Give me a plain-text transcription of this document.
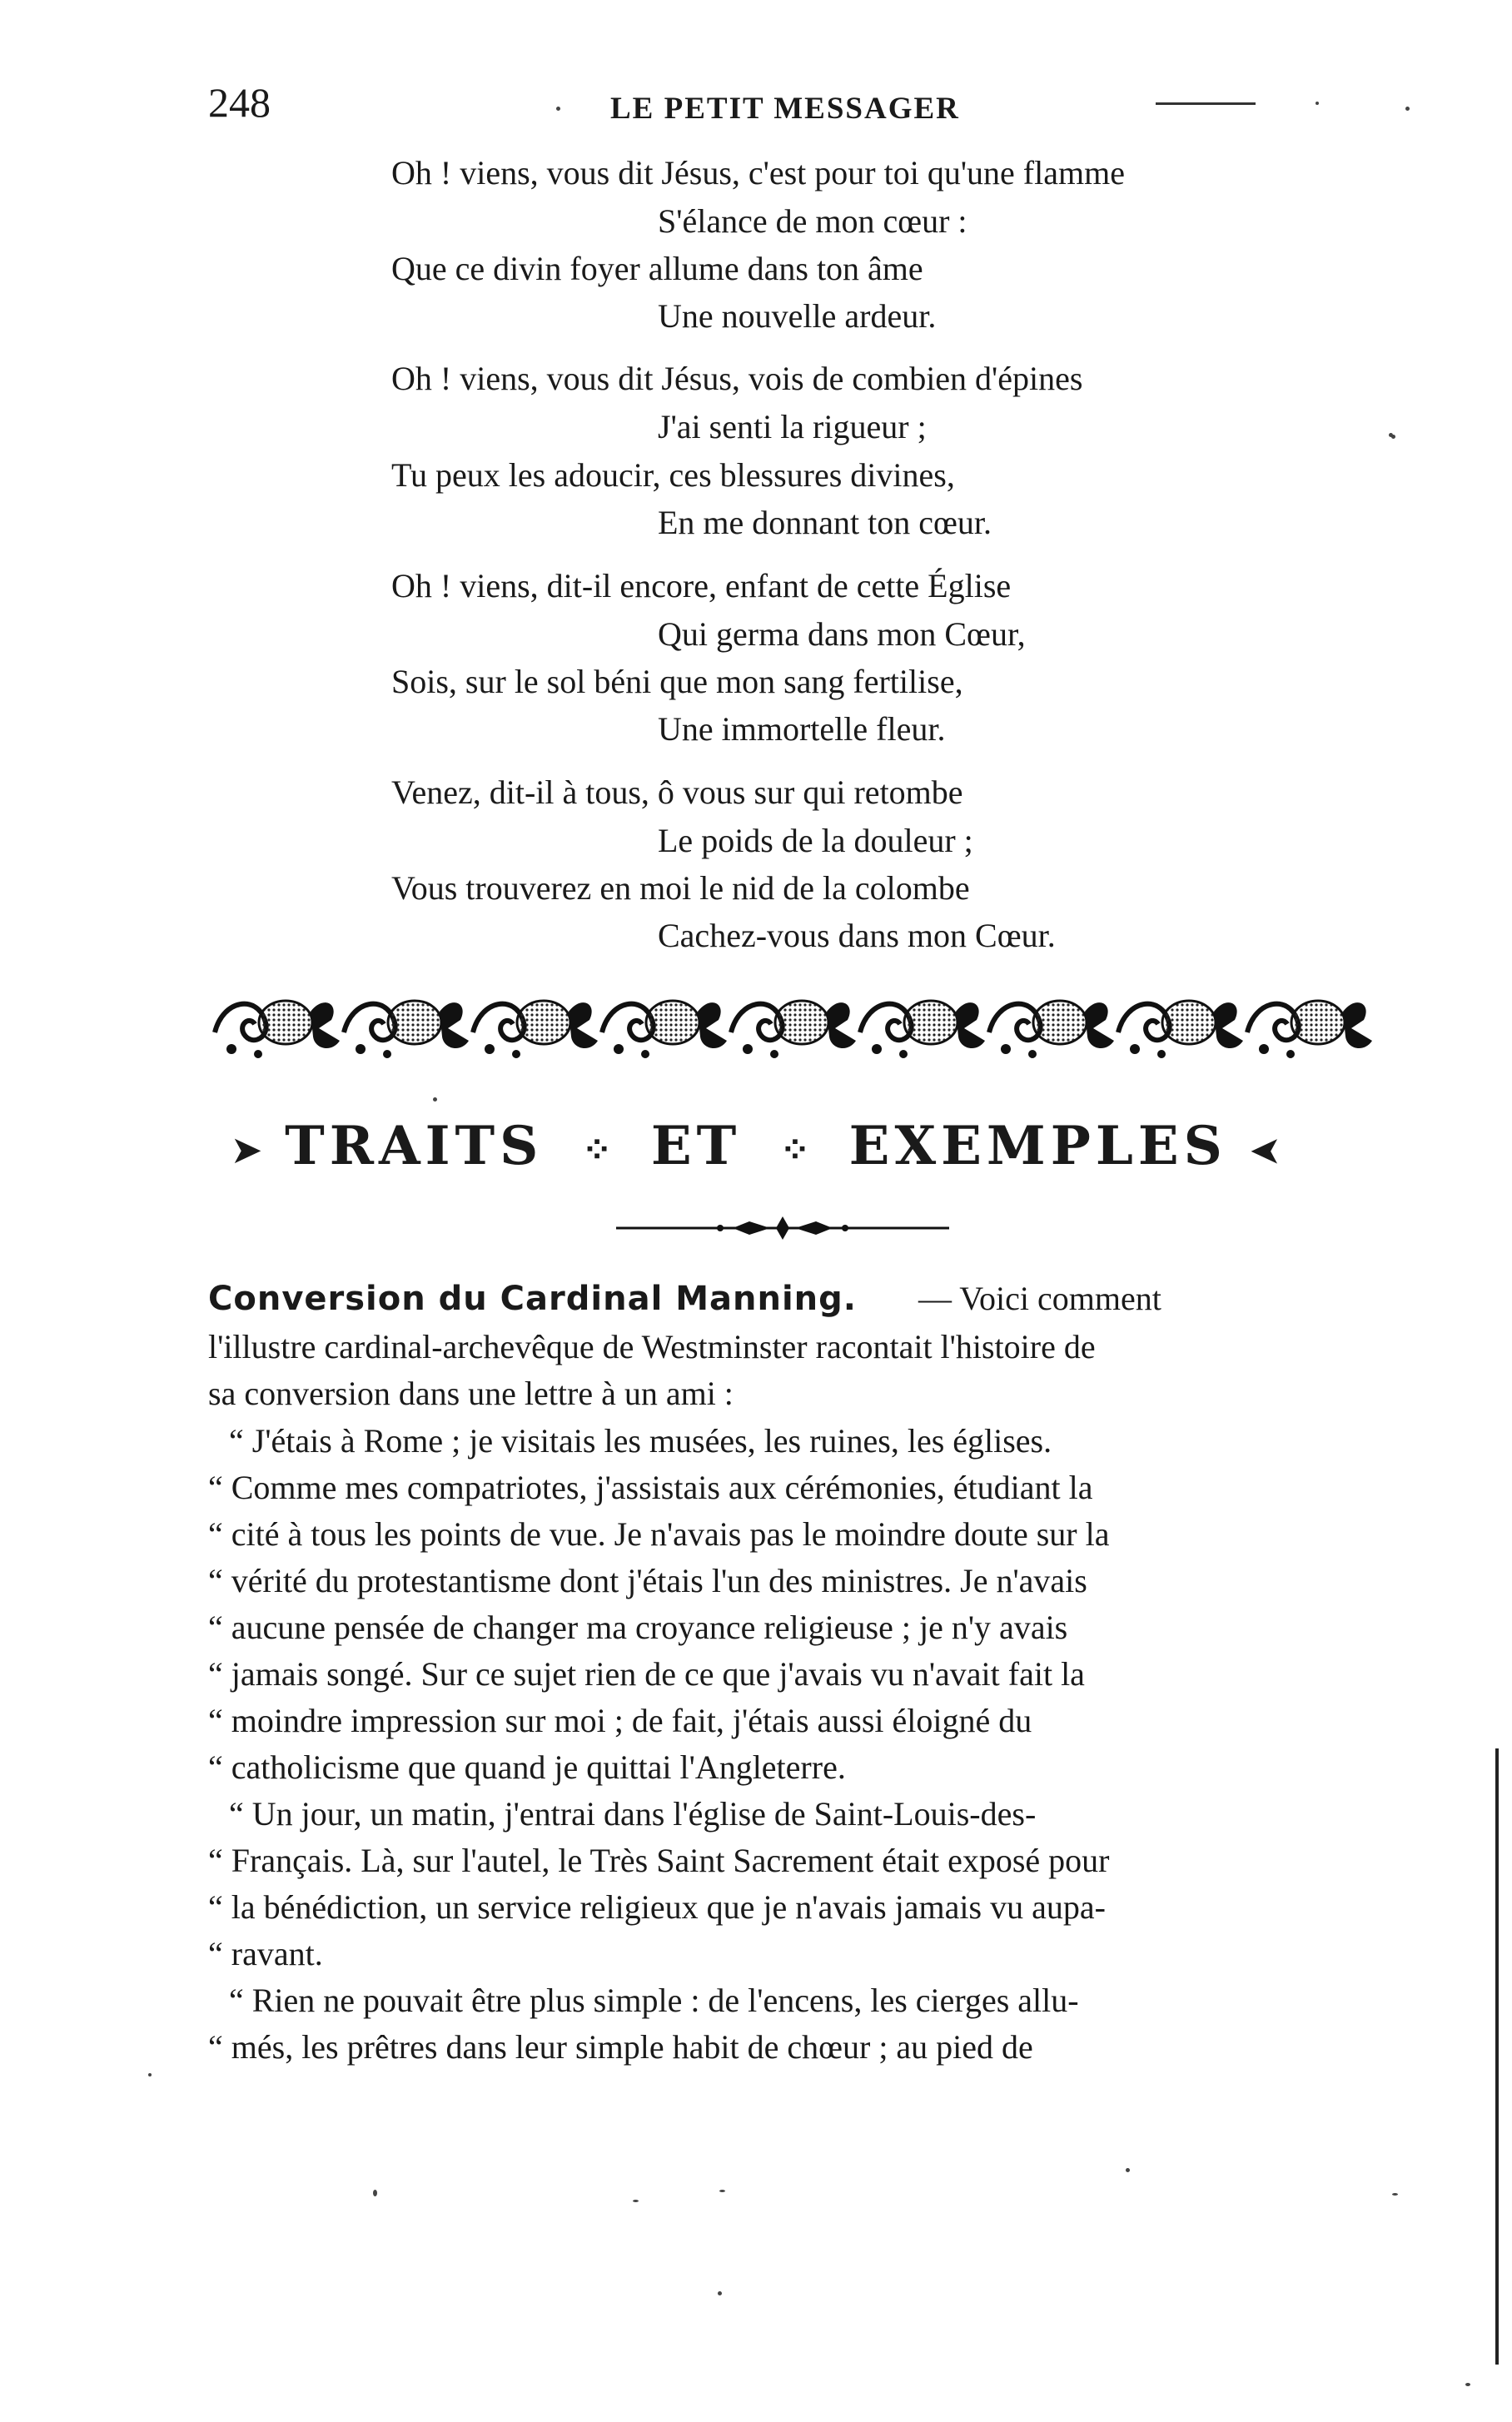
248	LE PETIT MESSAGER
Oh ! viens, vous dit Jésus, c'est pour toi qu'une flamme
S'élance de mon cœur :
Que ce divin foyer allume dans ton âme
Une nouvelle ardeur.
Oh ! viens, vous dit Jésus, vois de combien d'épines
J'ai senti la rigueur ;
Tu peux les adoucir, ces blessures divines,
En me donnant ton cœur.
Oh ! viens, dit-il encore, enfant de cette Église
Qui germa dans mon Cœur,
Sois, sur le sol béni que mon sang fertilise,
Une immortelle fleur.
Venez, dit-il à tous, ô vous sur qui retombe
Le poids de la douleur ;
Vous trouverez en moi le nid de la colombe
Cachez-vous dans mon Cœur.
➤ TRAITS ⁘ ET ⁘ EXEMPLES ➤
Conversion du Cardinal Manning. — Voici comment
l'illustre cardinal-archevêque de Westminster racontait l'histoire de
sa conversion dans une lettre à un ami :
“ J'étais à Rome ; je visitais les musées, les ruines, les églises.
“ Comme mes compatriotes, j'assistais aux cérémonies, étudiant la
“ cité à tous les points de vue. Je n'avais pas le moindre doute sur la
“ vérité du protestantisme dont j'étais l'un des ministres. Je n'avais
“ aucune pensée de changer ma croyance religieuse ; je n'y avais
“ jamais songé. Sur ce sujet rien de ce que j'avais vu n'avait fait la
“ moindre impression sur moi ; de fait, j'étais aussi éloigné du
“ catholicisme que quand je quittai l'Angleterre.
“ Un jour, un matin, j'entrai dans l'église de Saint-Louis-des-
“ Français. Là, sur l'autel, le Très Saint Sacrement était exposé pour
“ la bénédiction, un service religieux que je n'avais jamais vu aupa-
“ ravant.
“ Rien ne pouvait être plus simple : de l'encens, les cierges allu-
“ més, les prêtres dans leur simple habit de chœur ; au pied de
